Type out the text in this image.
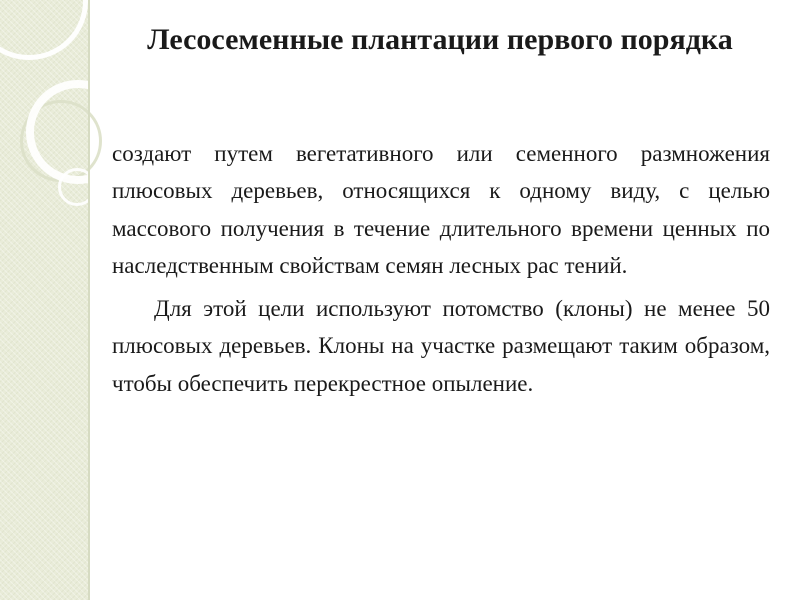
Лесосеменные плантации первого порядка

создают путем вегетативного или семенного размножения плюсовых деревьев, относящихся к одному виду, с целью массового получения в течение длительного времени ценных по наследственным свойствам семян лесных рас тений.

Для этой цели используют потомство (клоны) не менее 50 плюсовых деревьев. Клоны на участке размещают таким образом, чтобы обеспечить перекрестное опыление.
